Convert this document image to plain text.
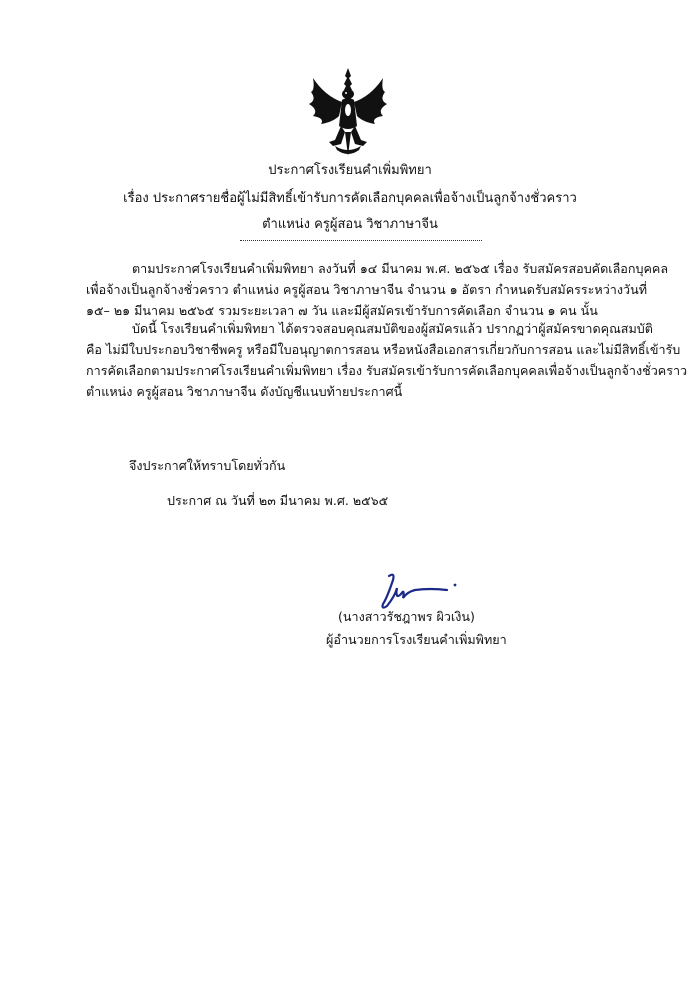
ประกาศโรงเรียนคำเพิ่มพิทยา
เรื่อง ประกาศรายชื่อผู้ไม่มีสิทธิ์เข้ารับการคัดเลือกบุคคลเพื่อจ้างเป็นลูกจ้างชั่วคราว
ตำแหน่ง ครูผู้สอน วิชาภาษาจีน
ตามประกาศโรงเรียนคำเพิ่มพิทยา ลงวันที่ ๑๔ มีนาคม พ.ศ. ๒๕๖๕ เรื่อง รับสมัครสอบคัดเลือกบุคคล
เพื่อจ้างเป็นลูกจ้างชั่วคราว ตำแหน่ง ครูผู้สอน วิชาภาษาจีน จำนวน ๑ อัตรา กำหนดรับสมัครระหว่างวันที่
๑๕– ๒๑ มีนาคม ๒๕๖๕ รวมระยะเวลา ๗ วัน และมีผู้สมัครเข้ารับการคัดเลือก จำนวน ๑ คน นั้น
บัดนี้ โรงเรียนคำเพิ่มพิทยา ได้ตรวจสอบคุณสมบัติของผู้สมัครแล้ว ปรากฏว่าผู้สมัครขาดคุณสมบัติ
คือ ไม่มีใบประกอบวิชาชีพครู หรือมีใบอนุญาตการสอน หรือหนังสือเอกสารเกี่ยวกับการสอน และไม่มีสิทธิ์เข้ารับ
การคัดเลือกตามประกาศโรงเรียนคำเพิ่มพิทยา เรื่อง รับสมัครเข้ารับการคัดเลือกบุคคลเพื่อจ้างเป็นลูกจ้างชั่วคราว
ตำแหน่ง ครูผู้สอน วิชาภาษาจีน ดังบัญชีแนบท้ายประกาศนี้
จึงประกาศให้ทราบโดยทั่วกัน
ประกาศ ณ วันที่ ๒๓ มีนาคม พ.ศ. ๒๕๖๕
(นางสาวรัชฎาพร ผิวเงิน)
ผู้อำนวยการโรงเรียนคำเพิ่มพิทยา
